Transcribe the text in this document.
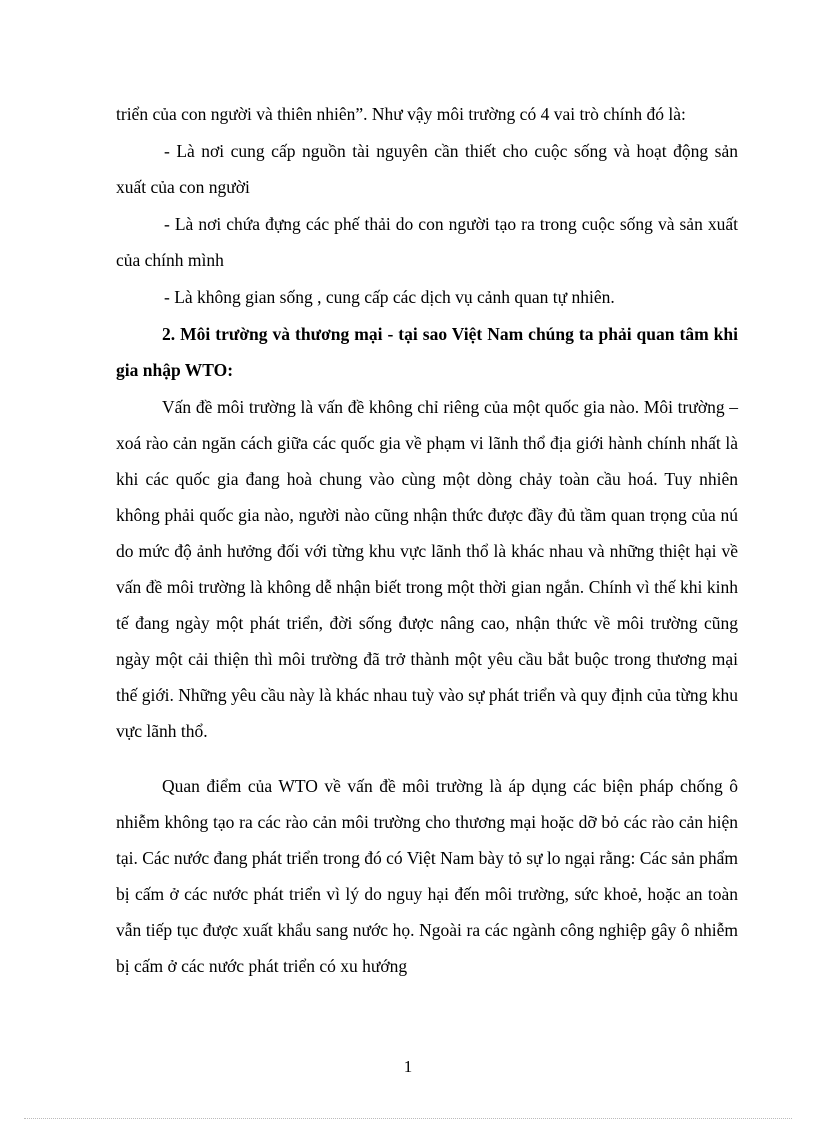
triển của con người và thiên nhiên”. Như vậy môi trường có 4 vai trò chính đó là:

- Là nơi cung cấp nguồn tài nguyên cần thiết cho cuộc sống và hoạt động sản xuất của con người

- Là nơi chứa đựng các phế thải do con người tạo ra trong cuộc sống và sản xuất của chính mình

- Là không gian sống , cung cấp các dịch vụ cảnh quan tự nhiên.

2. Môi trường và thương mại - tại sao Việt Nam chúng ta phải quan tâm khi gia nhập WTO:

Vấn đề môi trường là vấn đề không chỉ riêng của một quốc gia nào. Môi trường – xoá rào cản ngăn cách giữa các quốc gia về phạm vi lãnh thổ địa giới hành chính nhất là khi các quốc gia đang hoà chung vào cùng một dòng chảy toàn cầu hoá. Tuy nhiên không phải quốc gia nào, người nào cũng nhận thức được đầy đủ tầm quan trọng của nú do mức độ ảnh hưởng đối với từng khu vực lãnh thổ là khác nhau và những thiệt hại về vấn đề môi trường là không dễ nhận biết trong một thời gian ngắn. Chính vì thế khi kinh tế đang ngày một phát triển, đời sống được nâng cao, nhận thức về môi trường cũng ngày một cải thiện thì môi trường đã trở thành một yêu cầu bắt buộc trong thương mại thế giới. Những yêu cầu này là khác nhau tuỳ vào sự phát triển và quy định của từng khu vực lãnh thổ.

Quan điểm của WTO về vấn đề môi trường là áp dụng các biện pháp chống ô nhiễm không tạo ra các rào cản môi trường cho thương mại hoặc dỡ bỏ các rào cản hiện tại. Các nước đang phát triển trong đó có Việt Nam bày tỏ sự lo ngại rằng: Các sản phẩm bị cấm ở các nước phát triển vì lý do nguy hại đến môi trường, sức khoẻ, hoặc an toàn vẫn tiếp tục được xuất khẩu sang nước họ. Ngoài ra các ngành công nghiệp gây ô nhiễm bị cấm ở các nước phát triển có xu hướng

1
